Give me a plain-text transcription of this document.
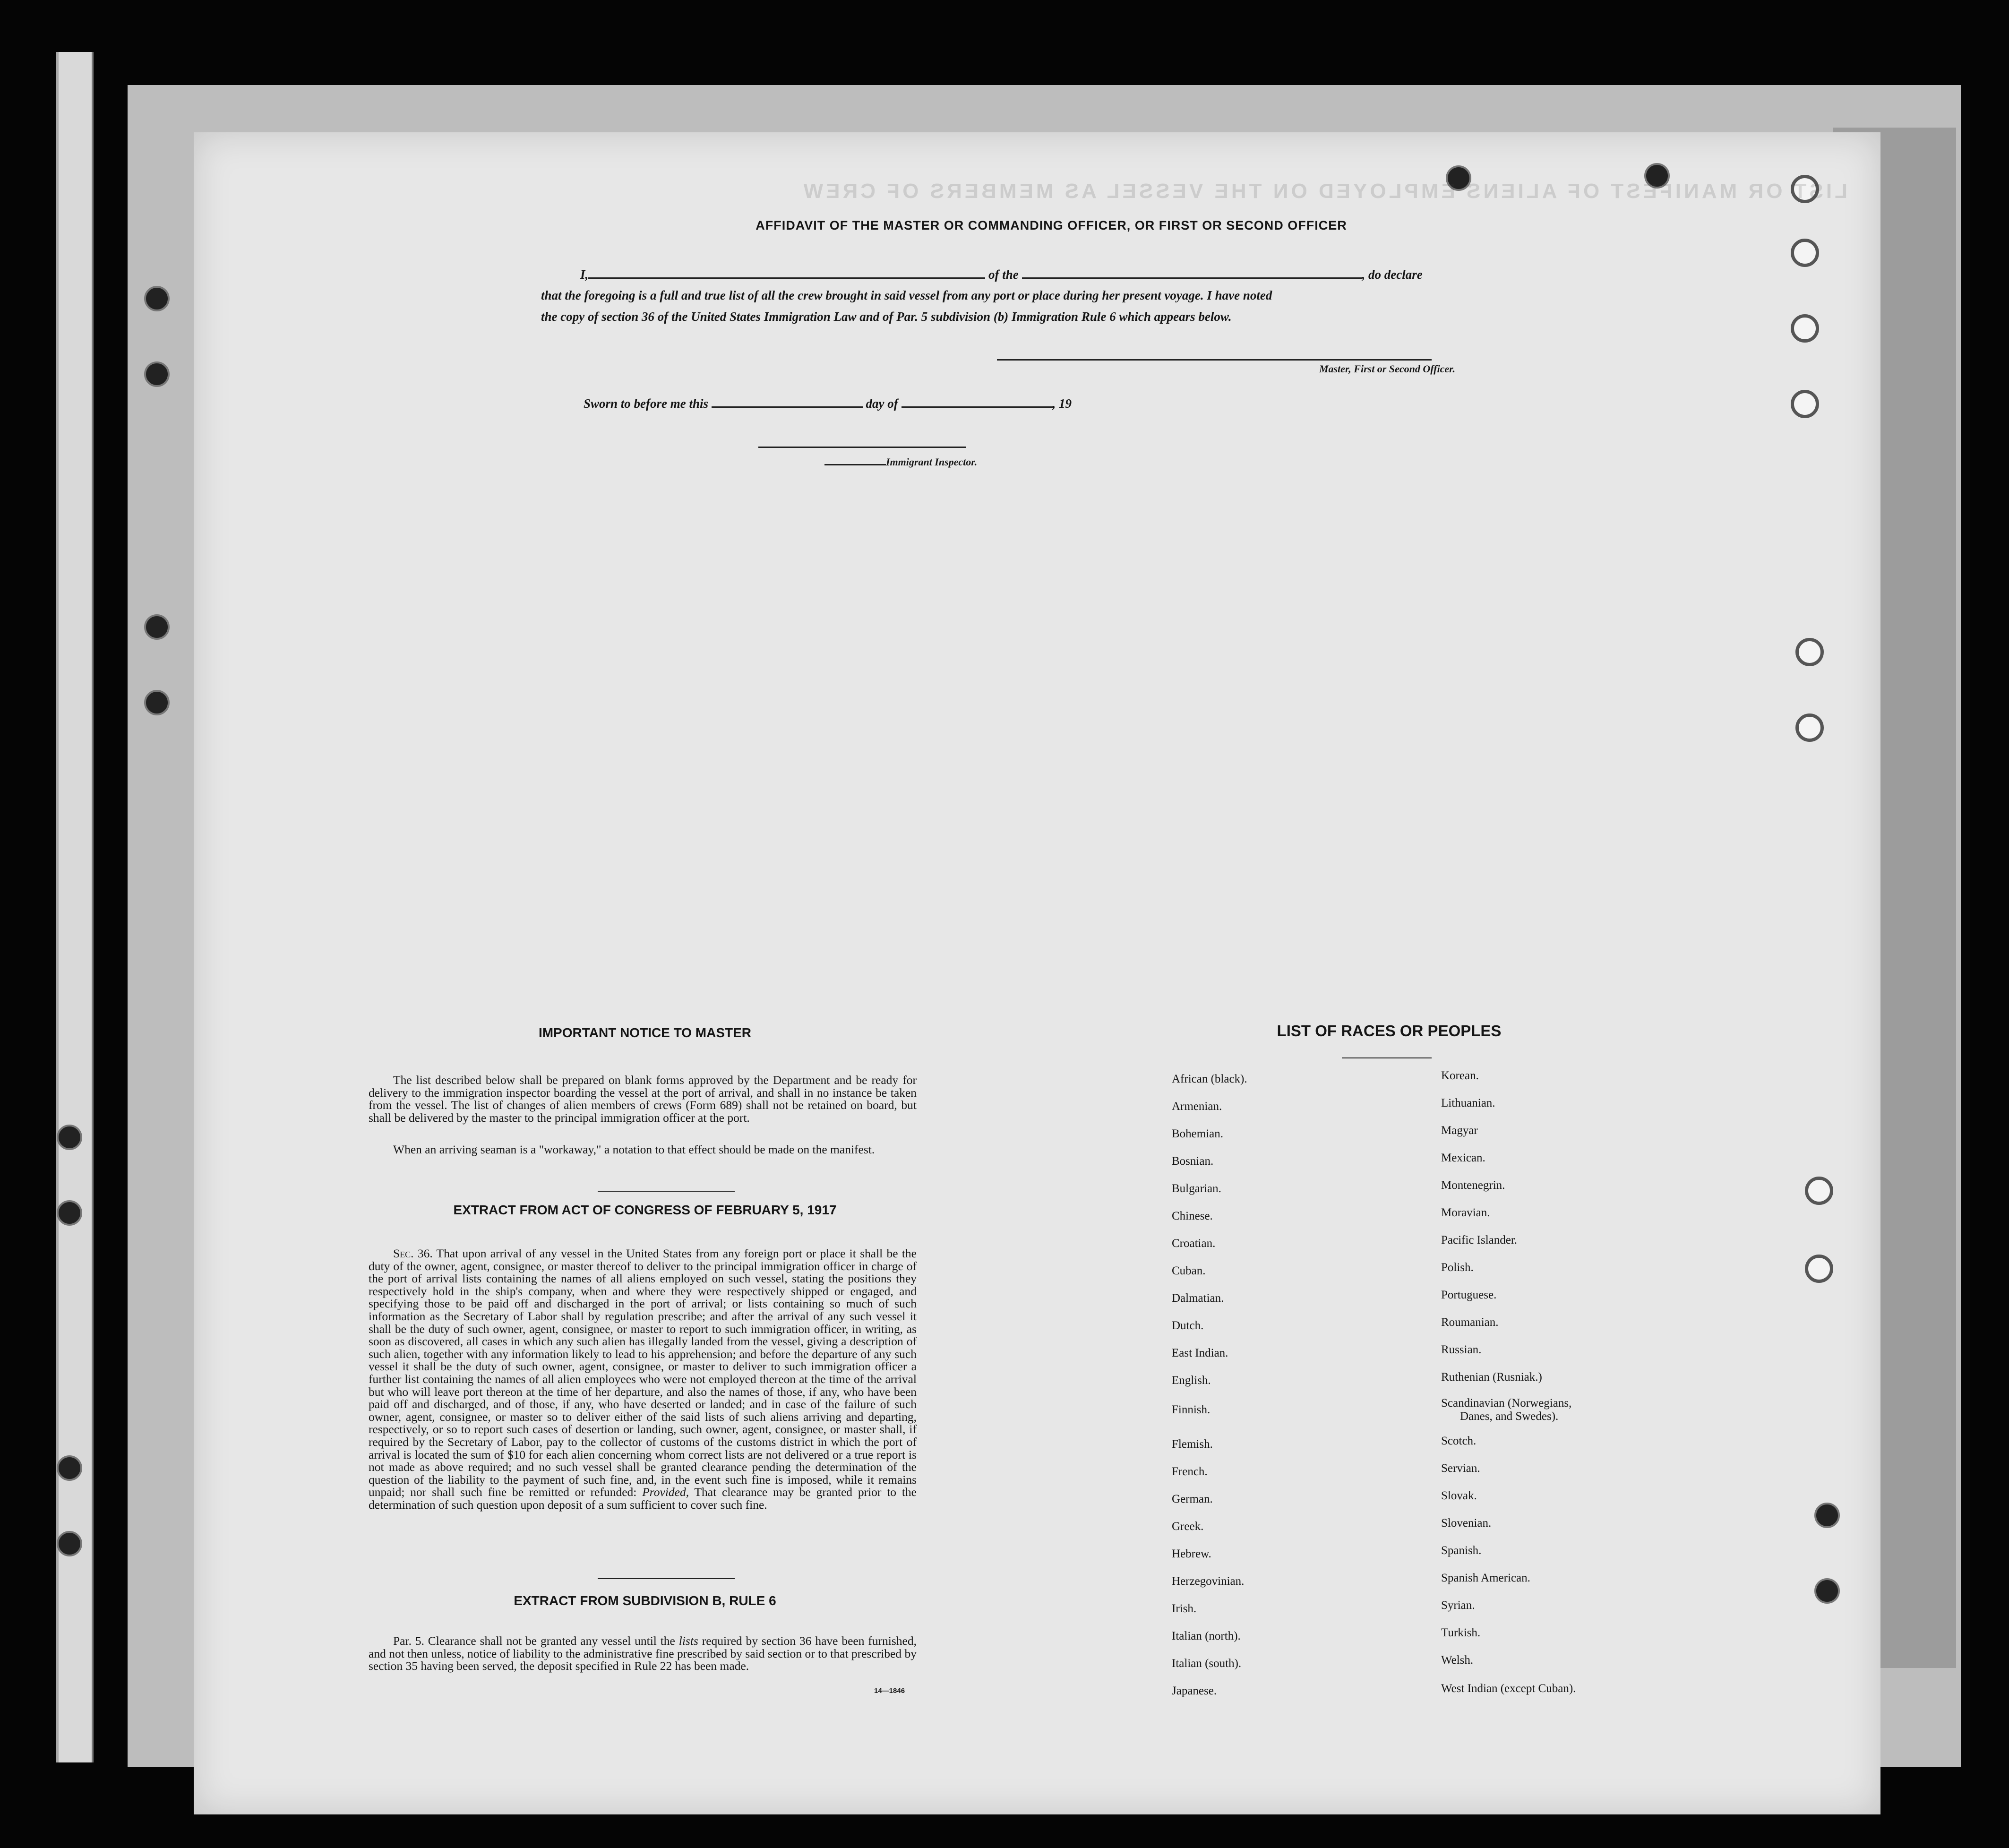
LIST OR MANIFEST OF ALIENS EMPLOYED ON THE VESSEL AS MEMBERS OF CREW
AFFIDAVIT OF THE MASTER OR COMMANDING OFFICER, OR FIRST OR SECOND OFFICER
I,	of the	, do declare
that the foregoing is a full and true list of all the crew brought in said vessel from any port or place during her present voyage. I have noted
the copy of section 36 of the United States Immigration Law and of Par. 5 subdivision (b) Immigration Rule 6 which appears below.
Master, First or Second Officer.
Sworn to before me this	day of	, 19
Immigrant Inspector.
IMPORTANT NOTICE TO MASTER
The list described below shall be prepared on blank forms approved by the Department and be ready for delivery to the immigration inspector boarding the vessel at the port of arrival, and shall in no instance be taken from the vessel. The list of changes of alien members of crews (Form 689) shall not be retained on board, but shall be delivered by the master to the principal immigration officer at the port.
When an arriving seaman is a "workaway," a notation to that effect should be made on the manifest.
EXTRACT FROM ACT OF CONGRESS OF FEBRUARY 5, 1917
Sec. 36. That upon arrival of any vessel in the United States from any foreign port or place it shall be the duty of the owner, agent, consignee, or master thereof to deliver to the principal immigration officer in charge of the port of arrival lists containing the names of all aliens employed on such vessel, stating the positions they respectively hold in the ship's company, when and where they were respectively shipped or engaged, and specifying those to be paid off and discharged in the port of arrival; or lists containing so much of such information as the Secretary of Labor shall by regulation prescribe; and after the arrival of any such vessel it shall be the duty of such owner, agent, consignee, or master to report to such immigration officer, in writing, as soon as discovered, all cases in which any such alien has illegally landed from the vessel, giving a description of such alien, together with any information likely to lead to his apprehension; and before the departure of any such vessel it shall be the duty of such owner, agent, consignee, or master to deliver to such immigration officer a further list containing the names of all alien employees who were not employed thereon at the time of the arrival but who will leave port thereon at the time of her departure, and also the names of those, if any, who have been paid off and discharged, and of those, if any, who have deserted or landed; and in case of the failure of such owner, agent, consignee, or master so to deliver either of the said lists of such aliens arriving and departing, respectively, or so to report such cases of desertion or landing, such owner, agent, consignee, or master shall, if required by the Secretary of Labor, pay to the collector of customs of the customs district in which the port of arrival is located the sum of $10 for each alien concerning whom correct lists are not delivered or a true report is not made as above required; and no such vessel shall be granted clearance pending the determination of the question of the liability to the payment of such fine, and, in the event such fine is imposed, while it remains unpaid; nor shall such fine be remitted or refunded: Provided, That clearance may be granted prior to the determination of such question upon deposit of a sum sufficient to cover such fine.
EXTRACT FROM SUBDIVISION B, RULE 6
Par. 5. Clearance shall not be granted any vessel until the lists required by section 36 have been furnished, and not then unless, notice of liability to the administrative fine prescribed by said section or to that prescribed by section 35 having been served, the deposit specified in Rule 22 has been made.
14—1846
LIST OF RACES OR PEOPLES
African (black).
Armenian.
Bohemian.
Bosnian.
Bulgarian.
Chinese.
Croatian.
Cuban.
Dalmatian.
Dutch.
East Indian.
English.
Finnish.
Flemish.
French.
German.
Greek.
Hebrew.
Herzegovinian.
Irish.
Italian (north).
Italian (south).
Japanese.
Korean.
Lithuanian.
Magyar
Mexican.
Montenegrin.
Moravian.
Pacific Islander.
Polish.
Portuguese.
Roumanian.
Russian.
Ruthenian (Rusniak.)
Scandinavian (Norwegians,
Danes, and Swedes).
Scotch.
Servian.
Slovak.
Slovenian.
Spanish.
Spanish American.
Syrian.
Turkish.
Welsh.
West Indian (except Cuban).
